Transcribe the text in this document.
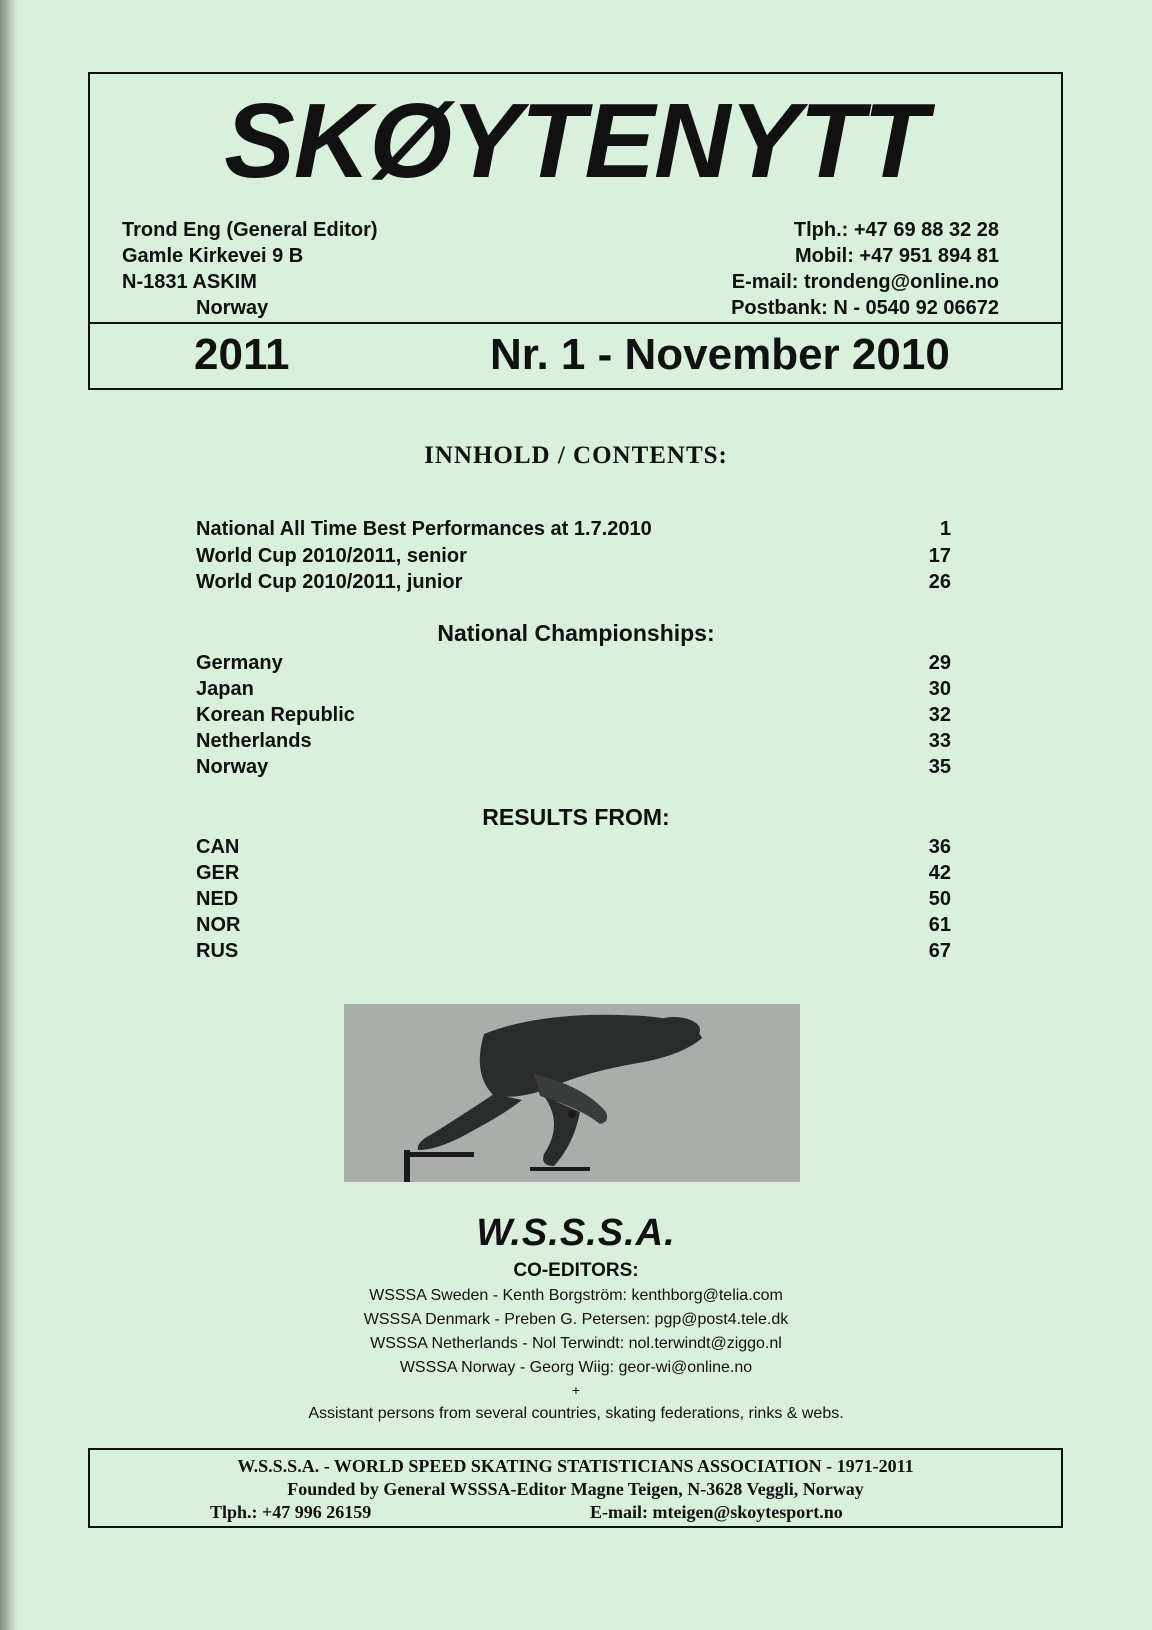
SKØYTENYTT
Trond Eng (General Editor)
Gamle Kirkevei 9 B
N-1831 ASKIM
Norway
Tlph.: +47 69 88 32 28
Mobil: +47 951 894 81
E-mail: trondeng@online.no
Postbank: N - 0540 92 06672
2011	Nr. 1 - November 2010
INNHOLD / CONTENTS:
National All Time Best Performances at 1.7.2010	1
World Cup 2010/2011, senior	17
World Cup 2010/2011, junior	26
National Championships:
Germany	29
Japan	30
Korean Republic	32
Netherlands	33
Norway	35
RESULTS FROM:
CAN	36
GER	42
NED	50
NOR	61
RUS	67
W.S.S.S.A.
CO-EDITORS:
WSSSA Sweden - Kenth Borgström: kenthborg@telia.com
WSSSA Denmark - Preben G. Petersen: pgp@post4.tele.dk
WSSSA Netherlands - Nol Terwindt: nol.terwindt@ziggo.nl
WSSSA Norway - Georg Wiig: geor-wi@online.no
+
Assistant persons from several countries, skating federations, rinks & webs.
W.S.S.S.A. - WORLD SPEED SKATING STATISTICIANS ASSOCIATION - 1971-2011
Founded by General WSSSA-Editor Magne Teigen, N-3628 Veggli, Norway
Tlph.: +47 996 26159	E-mail: mteigen@skoytesport.no
